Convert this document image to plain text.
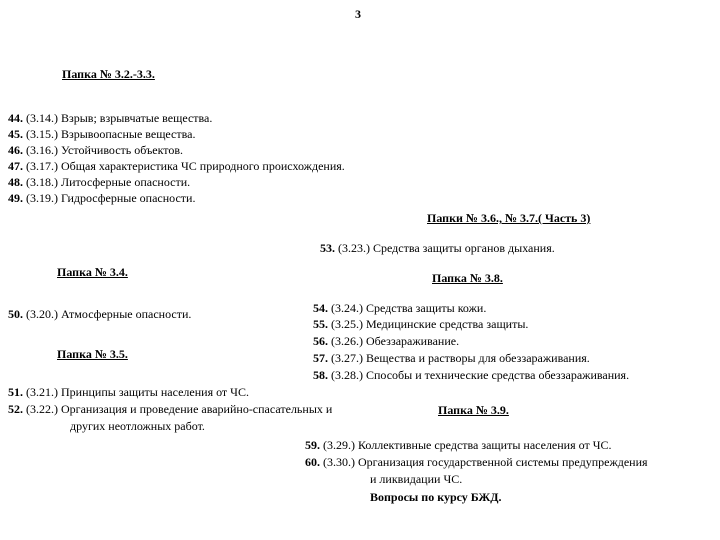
3
Папка № 3.2.-3.3.
44. (3.14.) Взрыв; взрывчатые вещества.
45. (3.15.) Взрывоопасные вещества.
46. (3.16.) Устойчивость объектов.
47. (3.17.) Общая характеристика ЧС природного происхождения.
48. (3.18.) Литосферные опасности.
49. (3.19.) Гидросферные опасности.
Папки № 3.6., № 3.7.( Часть 3)
53. (3.23.) Средства защиты органов дыхания.
Папка № 3.4.	Папка № 3.8.
50. (3.20.) Атмосферные опасности.	54. (3.24.) Средства защиты кожи.
55. (3.25.) Медицинские средства защиты.
56. (3.26.) Обеззараживание.
57. (3.27.) Вещества и растворы для обеззараживания.
58. (3.28.) Способы и технические средства обеззараживания.
Папка № 3.5.
51. (3.21.) Принципы защиты населения от ЧС.
52. (3.22.) Организация и проведение аварийно-спасательных и
других неотложных работ.
Папка № 3.9.
59. (3.29.) Коллективные средства защиты населения от ЧС.
60. (3.30.) Организация государственной системы предупреждения
и ликвидации ЧС.
Вопросы по курсу БЖД.
